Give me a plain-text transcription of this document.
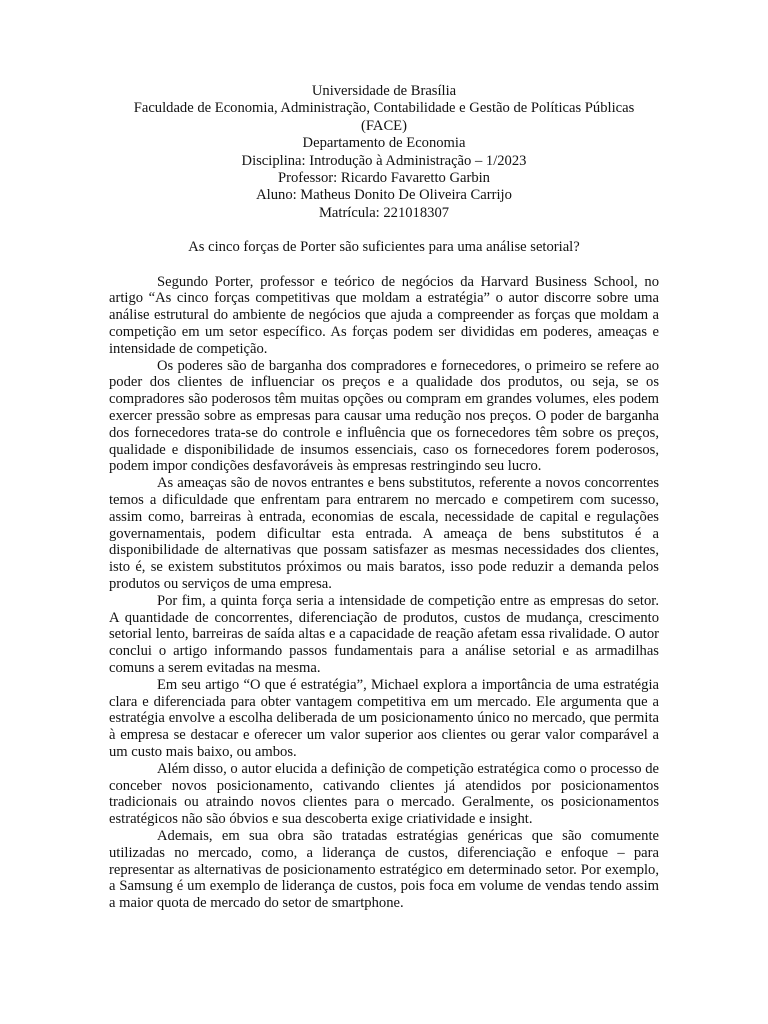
Universidade de Brasília
Faculdade de Economia, Administração, Contabilidade e Gestão de Políticas Públicas
(FACE)
Departamento de Economia
Disciplina: Introdução à Administração – 1/2023
Professor: Ricardo Favaretto Garbin
Aluno: Matheus Donito De Oliveira Carrijo
Matrícula: 221018307
As cinco forças de Porter são suficientes para uma análise setorial?

Segundo Porter, professor e teórico de negócios da Harvard Business School, no artigo “As cinco forças competitivas que moldam a estratégia” o autor discorre sobre uma análise estrutural do ambiente de negócios que ajuda a compreender as forças que moldam a competição em um setor específico. As forças podem ser divididas em poderes, ameaças e intensidade de competição.

Os poderes são de barganha dos compradores e fornecedores, o primeiro se refere ao poder dos clientes de influenciar os preços e a qualidade dos produtos, ou seja, se os compradores são poderosos têm muitas opções ou compram em grandes volumes, eles podem exercer pressão sobre as empresas para causar uma redução nos preços. O poder de barganha dos fornecedores trata-se do controle e influência que os fornecedores têm sobre os preços, qualidade e disponibilidade de insumos essenciais, caso os fornecedores forem poderosos, podem impor condições desfavoráveis às empresas restringindo seu lucro.

As ameaças são de novos entrantes e bens substitutos, referente a novos concorrentes temos a dificuldade que enfrentam para entrarem no mercado e competirem com sucesso, assim como, barreiras à entrada, economias de escala, necessidade de capital e regulações governamentais, podem dificultar esta entrada. A ameaça de bens substitutos é a disponibilidade de alternativas que possam satisfazer as mesmas necessidades dos clientes, isto é, se existem substitutos próximos ou mais baratos, isso pode reduzir a demanda pelos produtos ou serviços de uma empresa.

Por fim, a quinta força seria a intensidade de competição entre as empresas do setor. A quantidade de concorrentes, diferenciação de produtos, custos de mudança, crescimento setorial lento, barreiras de saída altas e a capacidade de reação afetam essa rivalidade. O autor conclui o artigo informando passos fundamentais para a análise setorial e as armadilhas comuns a serem evitadas na mesma.

Em seu artigo “O que é estratégia”, Michael explora a importância de uma estratégia clara e diferenciada para obter vantagem competitiva em um mercado. Ele argumenta que a estratégia envolve a escolha deliberada de um posicionamento único no mercado, que permita à empresa se destacar e oferecer um valor superior aos clientes ou gerar valor comparável a um custo mais baixo, ou ambos.

Além disso, o autor elucida a definição de competição estratégica como o processo de conceber novos posicionamento, cativando clientes já atendidos por posicionamentos tradicionais ou atraindo novos clientes para o mercado. Geralmente, os posicionamentos estratégicos não são óbvios e sua descoberta exige criatividade e insight.

Ademais, em sua obra são tratadas estratégias genéricas que são comumente utilizadas no mercado, como, a liderança de custos, diferenciação e enfoque – para representar as alternativas de posicionamento estratégico em determinado setor. Por exemplo, a Samsung é um exemplo de liderança de custos, pois foca em volume de vendas tendo assim a maior quota de mercado do setor de smartphone.
